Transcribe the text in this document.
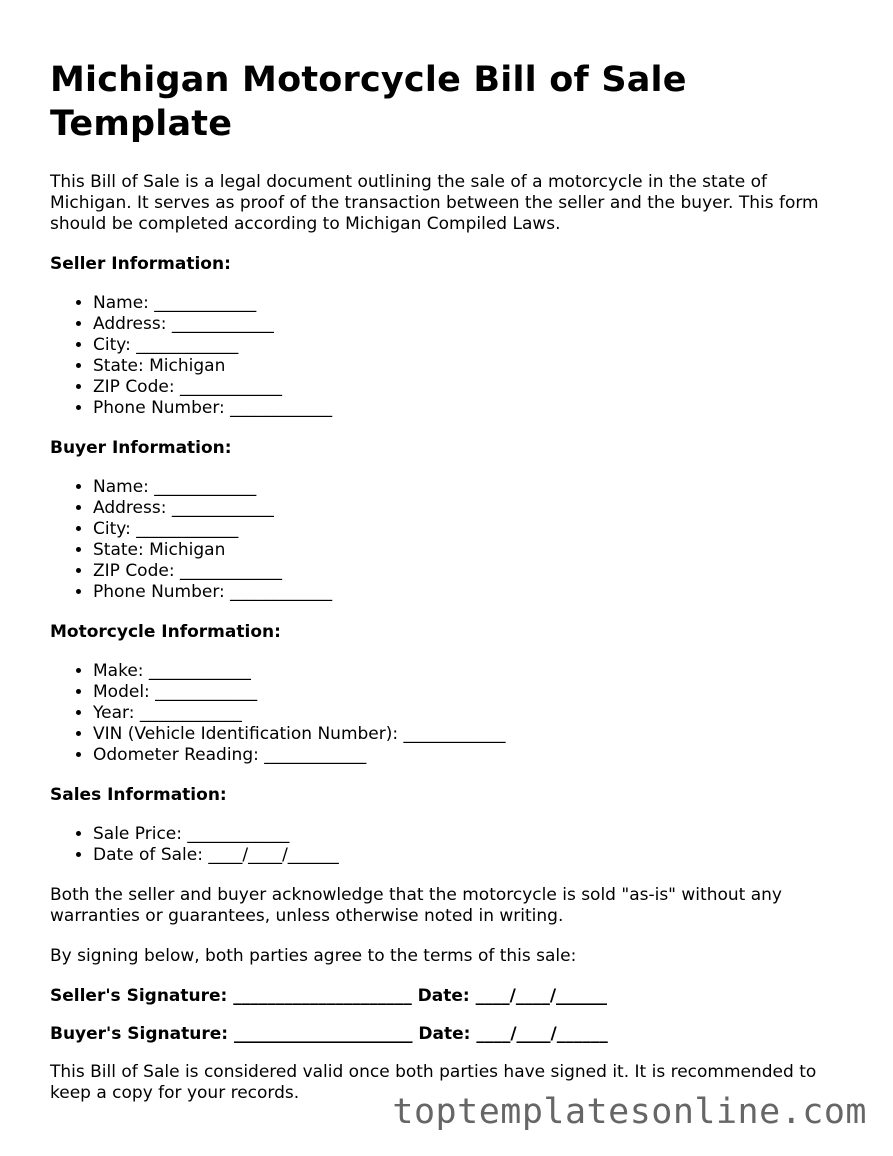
Michigan Motorcycle Bill of Sale Template

This Bill of Sale is a legal document outlining the sale of a motorcycle in the state of Michigan. It serves as proof of the transaction between the seller and the buyer. This form should be completed according to Michigan Compiled Laws.

Seller Information:
• Name: ____________
• Address: ____________
• City: ____________
• State: Michigan
• ZIP Code: ____________
• Phone Number: ____________
Buyer Information:
• Name: ____________
• Address: ____________
• City: ____________
• State: Michigan
• ZIP Code: ____________
• Phone Number: ____________
Motorcycle Information:
• Make: ____________
• Model: ____________
• Year: ____________
• VIN (Vehicle Identification Number): ____________
• Odometer Reading: ____________
Sales Information:
• Sale Price: ____________
• Date of Sale: ____/____/______

Both the seller and buyer acknowledge that the motorcycle is sold "as-is" without any warranties or guarantees, unless otherwise noted in writing.

By signing below, both parties agree to the terms of this sale:

Seller's Signature: _____________________ Date: ____/____/______
Buyer's Signature: _____________________ Date: ____/____/______

This Bill of Sale is considered valid once both parties have signed it. It is recommended to keep a copy for your records.	toptemplatesonline.com
